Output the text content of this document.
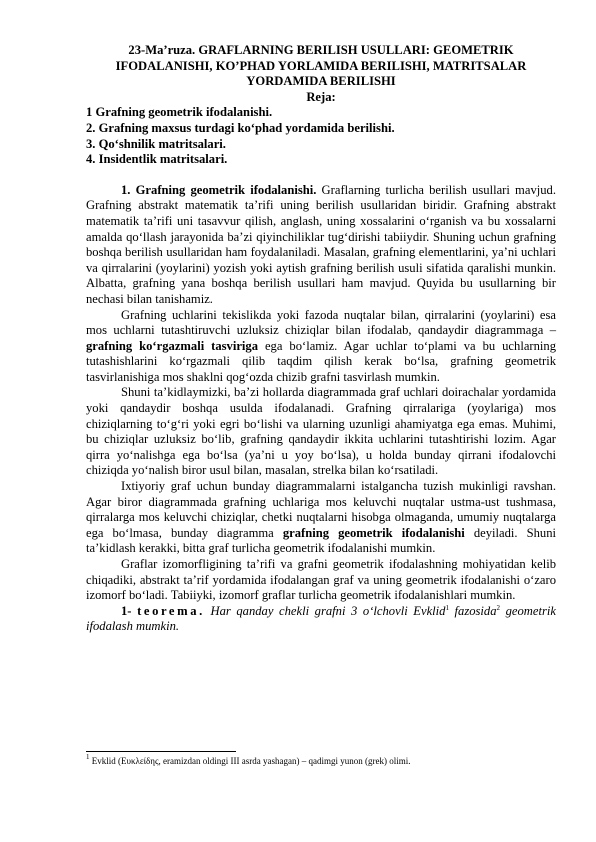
23-Ma’ruza. GRAFLARNING BERILISH USULLARI: GEOMETRIK IFODALANISHI, KO’PHAD YORLAMIDA BERILISHI, MATRITSALAR YORDAMIDA BERILISHI

Reja:

1 Grafning geometrik ifodalanishi.
2. Grafning maxsus turdagi ko‘phad yordamida berilishi.
3. Qo‘shnilik matritsalari.
4. Insidentlik matritsalari.

1. Grafning geometrik ifodalanishi. Graflarning turlicha berilish usullari mavjud. Grafning abstrakt matematik ta’rifi uning berilish usullaridan biridir. Grafning abstrakt matematik ta’rifi uni tasavvur qilish, anglash, uning xossalarini o‘rganish va bu xossalarni amalda qo‘llash jarayonida ba’zi qiyinchiliklar tug‘dirishi tabiiydir. Shuning uchun grafning boshqa berilish usullaridan ham foydalaniladi. Masalan, grafning elementlarini, ya’ni uchlari va qirralarini (yoylarini) yozish yoki aytish grafning berilish usuli sifatida qaralishi munkin. Albatta, grafning yana boshqa berilish usullari ham mavjud. Quyida bu usullarning bir nechasi bilan tanishamiz.

Grafning uchlarini tekislikda yoki fazoda nuqtalar bilan, qirralarini (yoylarini) esa mos uchlarni tutashtiruvchi uzluksiz chiziqlar bilan ifodalab, qandaydir diagrammaga – grafning ko‘rgazmali tasviriga ega bo‘lamiz. Agar uchlar to‘plami va bu uchlarning tutashishlarini ko‘rgazmali qilib taqdim qilish kerak bo‘lsa, grafning geometrik tasvirlanishiga mos shaklni qog‘ozda chizib grafni tasvirlash mumkin.

Shuni ta’kidlaymizki, ba’zi hollarda diagrammada graf uchlari doirachalar yordamida yoki qandaydir boshqa usulda ifodalanadi. Grafning qirralariga (yoylariga) mos chiziqlarning to‘g‘ri yoki egri bo‘lishi va ularning uzunligi ahamiyatga ega emas. Muhimi, bu chiziqlar uzluksiz bo‘lib, grafning qandaydir ikkita uchlarini tutashtirishi lozim. Agar qirra yo‘nalishga ega bo‘lsa (ya’ni u yoy bo‘lsa), u holda bunday qirrani ifodalovchi chiziqda yo‘nalish biror usul bilan, masalan, strelka bilan ko‘rsatiladi.

Ixtiyoriy graf uchun bunday diagrammalarni istalgancha tuzish mukinligi ravshan. Agar biror diagrammada grafning uchlariga mos keluvchi nuqtalar ustma-ust tushmasa, qirralarga mos keluvchi chiziqlar, chetki nuqtalarni hisobga olmaganda, umumiy nuqtalarga ega bo‘lmasa, bunday diagramma grafning geometrik ifodalanishi deyiladi. Shuni ta’kidlash kerakki, bitta graf turlicha geometrik ifodalanishi mumkin.

Graflar izomorfligining ta’rifi va grafni geometrik ifodalashning mohiyatidan kelib chiqadiki, abstrakt ta’rif yordamida ifodalangan graf va uning geometrik ifodalanishi o‘zaro izomorf bo‘ladi. Tabiiyki, izomorf graflar turlicha geometrik ifodalanishlari mumkin.

1- teorema. Har qanday chekli grafni 3 o‘lchovli Evklid$^1$ fazosida$^2$ geometrik ifodalash mumkin.

$^1$ Evklid (Ευκλείδης, eramizdan oldingi III asrda yashagan) – qadimgi yunon (grek) olimi.
